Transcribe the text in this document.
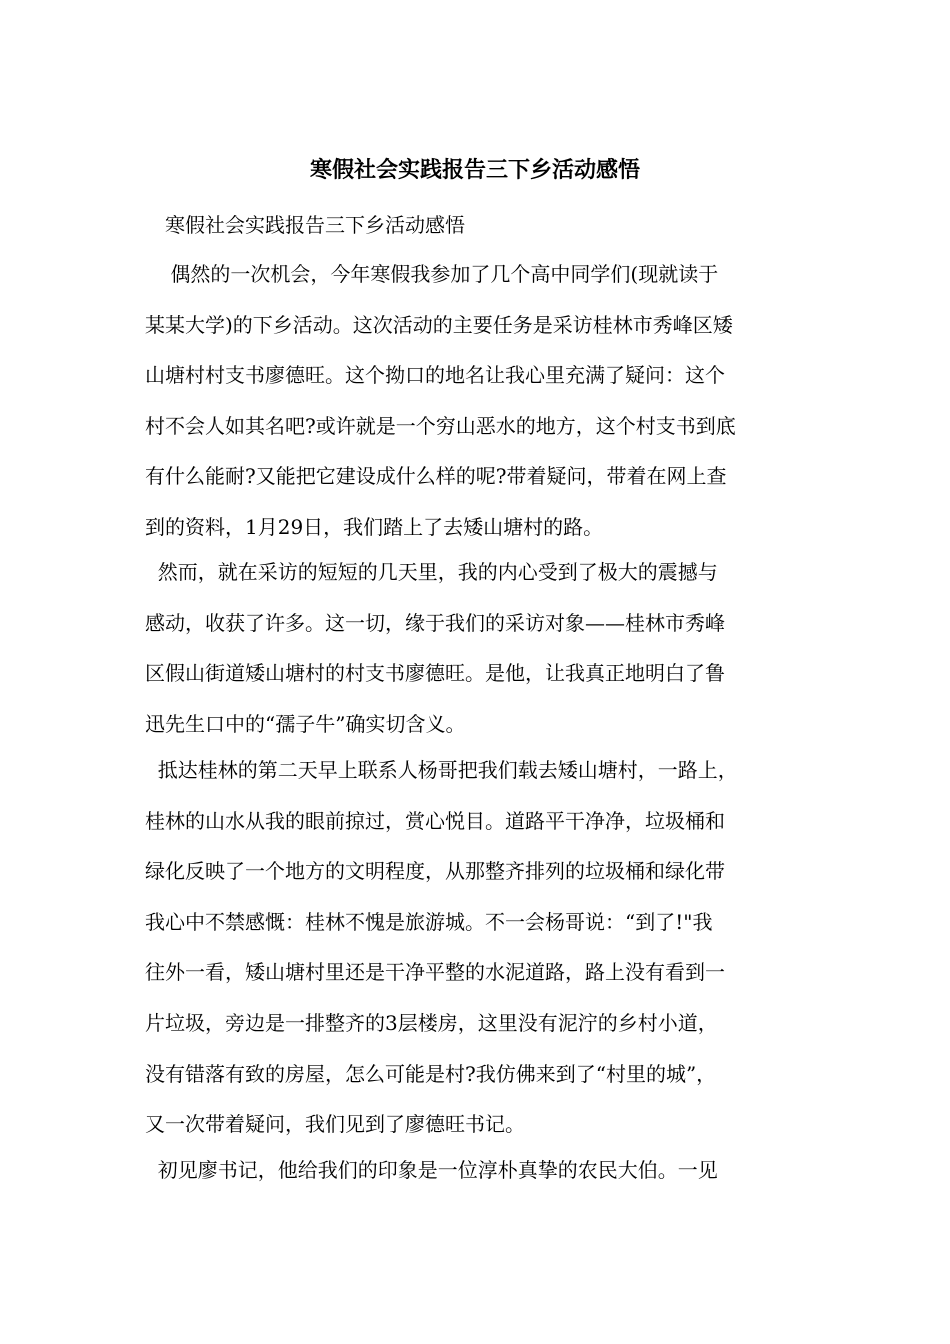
寒假社会实践报告三下乡活动感悟

寒假社会实践报告三下乡活动感悟

偶然的一次机会，今年寒假我参加了几个高中同学们(现就读于
某某大学)的下乡活动。这次活动的主要任务是采访桂林市秀峰区矮
山塘村村支书廖德旺。这个拗口的地名让我心里充满了疑问：这个
村不会人如其名吧?或许就是一个穷山恶水的地方，这个村支书到底
有什么能耐?又能把它建设成什么样的呢?带着疑问，带着在网上查
到的资料，1月29日，我们踏上了去矮山塘村的路。
然而，就在采访的短短的几天里，我的内心受到了极大的震撼与
感动，收获了许多。这一切，缘于我们的采访对象——桂林市秀峰
区假山街道矮山塘村的村支书廖德旺。是他，让我真正地明白了鲁
迅先生口中的“孺子牛”确实切含义。
抵达桂林的第二天早上联系人杨哥把我们载去矮山塘村，一路上，
桂林的山水从我的眼前掠过，赏心悦目。道路平干净净，垃圾桶和
绿化反映了一个地方的文明程度，从那整齐排列的垃圾桶和绿化带
我心中不禁感慨：桂林不愧是旅游城。不一会杨哥说：“到了!"我
往外一看，矮山塘村里还是干净平整的水泥道路，路上没有看到一
片垃圾，旁边是一排整齐的3层楼房，这里没有泥泞的乡村小道，
没有错落有致的房屋，怎么可能是村?我仿佛来到了“村里的城”，
又一次带着疑问，我们见到了廖德旺书记。
初见廖书记，他给我们的印象是一位淳朴真挚的农民大伯。一见
